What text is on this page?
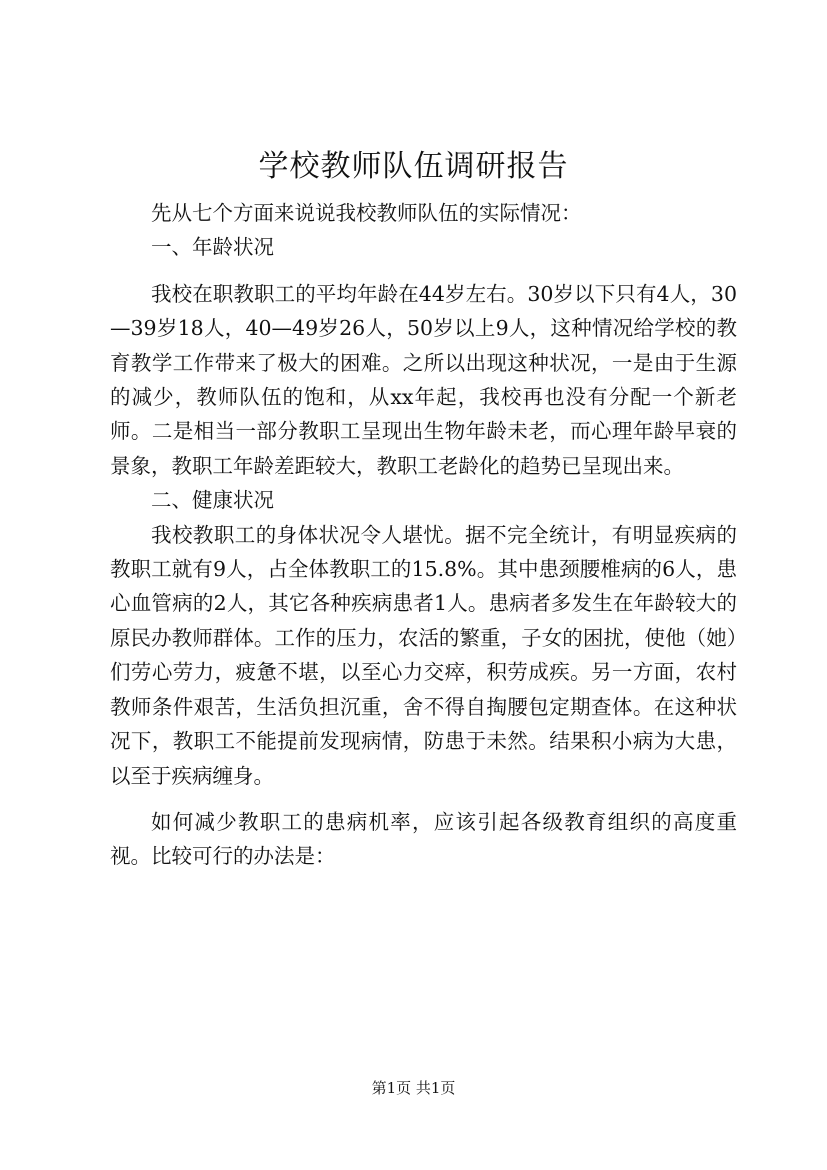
学校教师队伍调研报告

先从七个方面来说说我校教师队伍的实际情况：

一、年龄状况

我校在职教职工的平均年龄在44岁左右。30岁以下只有4人，30—39岁18人，40—49岁26人，50岁以上9人，这种情况给学校的教育教学工作带来了极大的困难。之所以出现这种状况，一是由于生源的减少，教师队伍的饱和，从xx年起，我校再也没有分配一个新老师。二是相当一部分教职工呈现出生物年龄未老，而心理年龄早衰的景象，教职工年龄差距较大，教职工老龄化的趋势已呈现出来。

二、健康状况

我校教职工的身体状况令人堪忧。据不完全统计，有明显疾病的教职工就有9人，占全体教职工的15.8%。其中患颈腰椎病的6人，患心血管病的2人，其它各种疾病患者1人。患病者多发生在年龄较大的原民办教师群体。工作的压力，农活的繁重，子女的困扰，使他（她）们劳心劳力，疲惫不堪，以至心力交瘁，积劳成疾。另一方面，农村教师条件艰苦，生活负担沉重，舍不得自掏腰包定期查体。在这种状况下，教职工不能提前发现病情，防患于未然。结果积小病为大患，以至于疾病缠身。

如何减少教职工的患病机率，应该引起各级教育组织的高度重视。比较可行的办法是：

第1页 共1页
